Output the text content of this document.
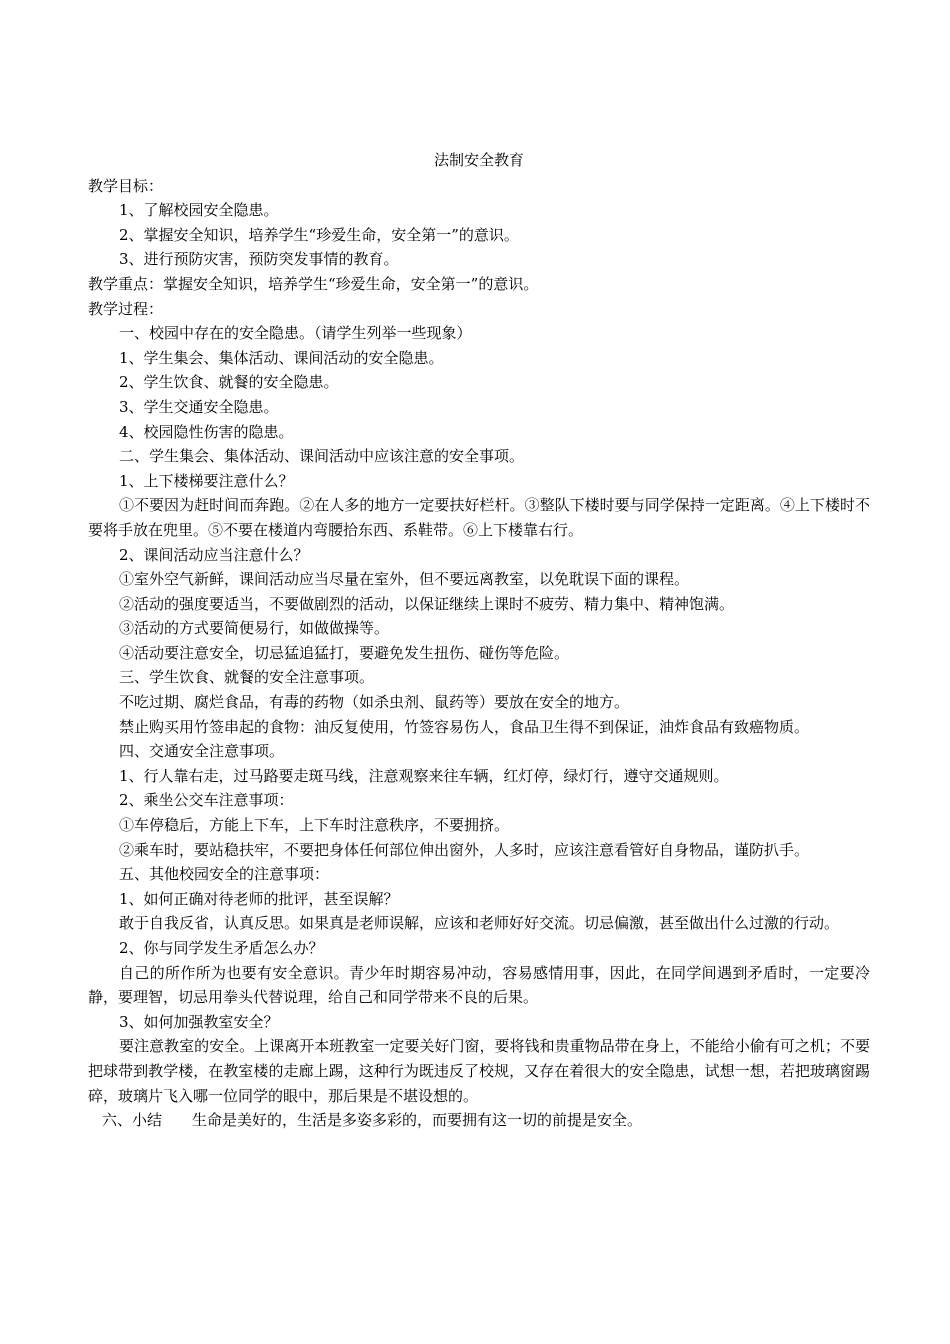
法制安全教育

教学目标：

1、了解校园安全隐患。

2、掌握安全知识，培养学生“珍爱生命，安全第一”的意识。

3、进行预防灾害，预防突发事情的教育。

教学重点：掌握安全知识，培养学生“珍爱生命，安全第一”的意识。

教学过程：

一、校园中存在的安全隐患。（请学生列举一些现象）

1、学生集会、集体活动、课间活动的安全隐患。

2、学生饮食、就餐的安全隐患。

3、学生交通安全隐患。

4、校园隐性伤害的隐患。

二、学生集会、集体活动、课间活动中应该注意的安全事项。

1、上下楼梯要注意什么？

①不要因为赶时间而奔跑。②在人多的地方一定要扶好栏杆。③整队下楼时要与同学保持一定距离。④上下楼时不要将手放在兜里。⑤不要在楼道内弯腰拾东西、系鞋带。⑥上下楼靠右行。

2、课间活动应当注意什么？

①室外空气新鲜，课间活动应当尽量在室外，但不要远离教室，以免耽误下面的课程。

②活动的强度要适当，不要做剧烈的活动，以保证继续上课时不疲劳、精力集中、精神饱满。

③活动的方式要简便易行，如做做操等。

④活动要注意安全，切忌猛追猛打，要避免发生扭伤、碰伤等危险。

三、学生饮食、就餐的安全注意事项。

不吃过期、腐烂食品，有毒的药物（如杀虫剂、鼠药等）要放在安全的地方。

禁止购买用竹签串起的食物：油反复使用，竹签容易伤人，食品卫生得不到保证，油炸食品有致癌物质。

四、交通安全注意事项。

1、行人靠右走，过马路要走斑马线，注意观察来往车辆，红灯停，绿灯行，遵守交通规则。

2、乘坐公交车注意事项：

①车停稳后，方能上下车，上下车时注意秩序，不要拥挤。

②乘车时，要站稳扶牢，不要把身体任何部位伸出窗外，人多时，应该注意看管好自身物品，谨防扒手。

五、其他校园安全的注意事项：

1、如何正确对待老师的批评，甚至误解？

敢于自我反省，认真反思。如果真是老师误解，应该和老师好好交流。切忌偏激，甚至做出什么过激的行动。

2、你与同学发生矛盾怎么办？

自己的所作所为也要有安全意识。青少年时期容易冲动，容易感情用事，因此，在同学间遇到矛盾时，一定要冷静，要理智，切忌用拳头代替说理，给自己和同学带来不良的后果。

3、如何加强教室安全？

要注意教室的安全。上课离开本班教室一定要关好门窗，要将钱和贵重物品带在身上，不能给小偷有可之机；不要把球带到教学楼，在教室楼的走廊上踢，这种行为既违反了校规，又存在着很大的安全隐患，试想一想，若把玻璃窗踢碎，玻璃片飞入哪一位同学的眼中，那后果是不堪设想的。

六、小结 生命是美好的，生活是多姿多彩的，而要拥有这一切的前提是安全。
